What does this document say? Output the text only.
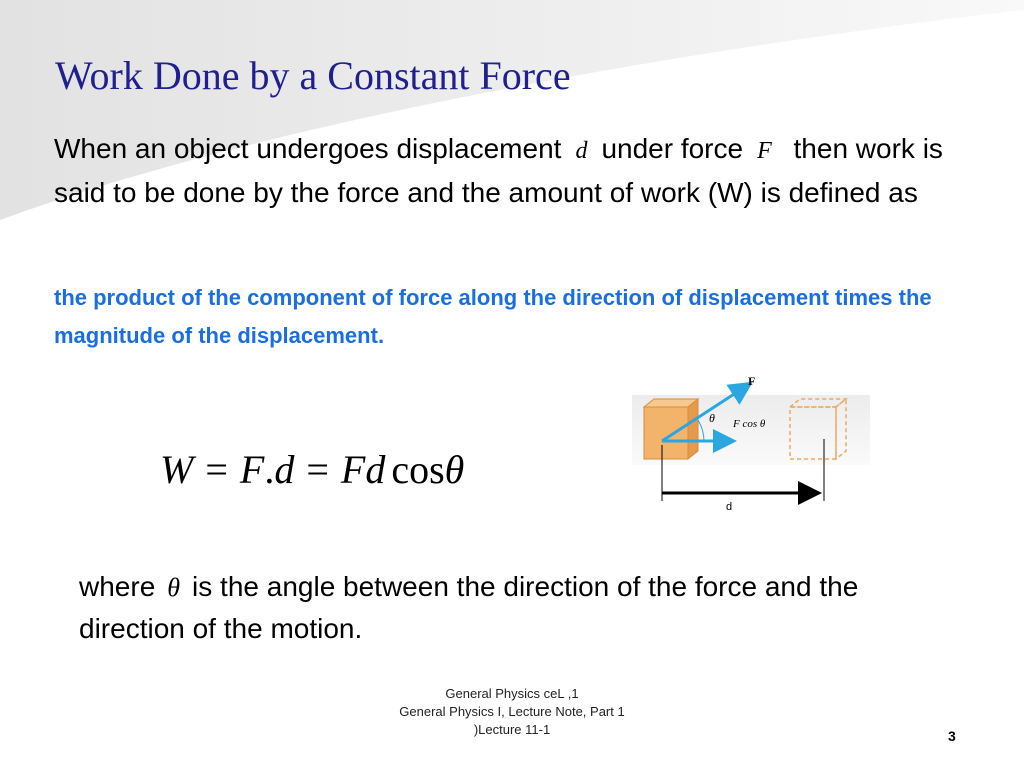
Work Done by a Constant Force

When an object undergoes displacement d under force F then work is said to be done by the force and the amount of work (W) is defined as

the product of the component of force along the direction of displacement times the magnitude of the displacement.

W = F.d = Fd cosθ
F
θ F cos θ
d

where θ is the angle between the direction of the force and the direction of the motion.

General Physics ceL ,1
General Physics I, Lecture Note, Part 1
)Lecture 11-1	3
